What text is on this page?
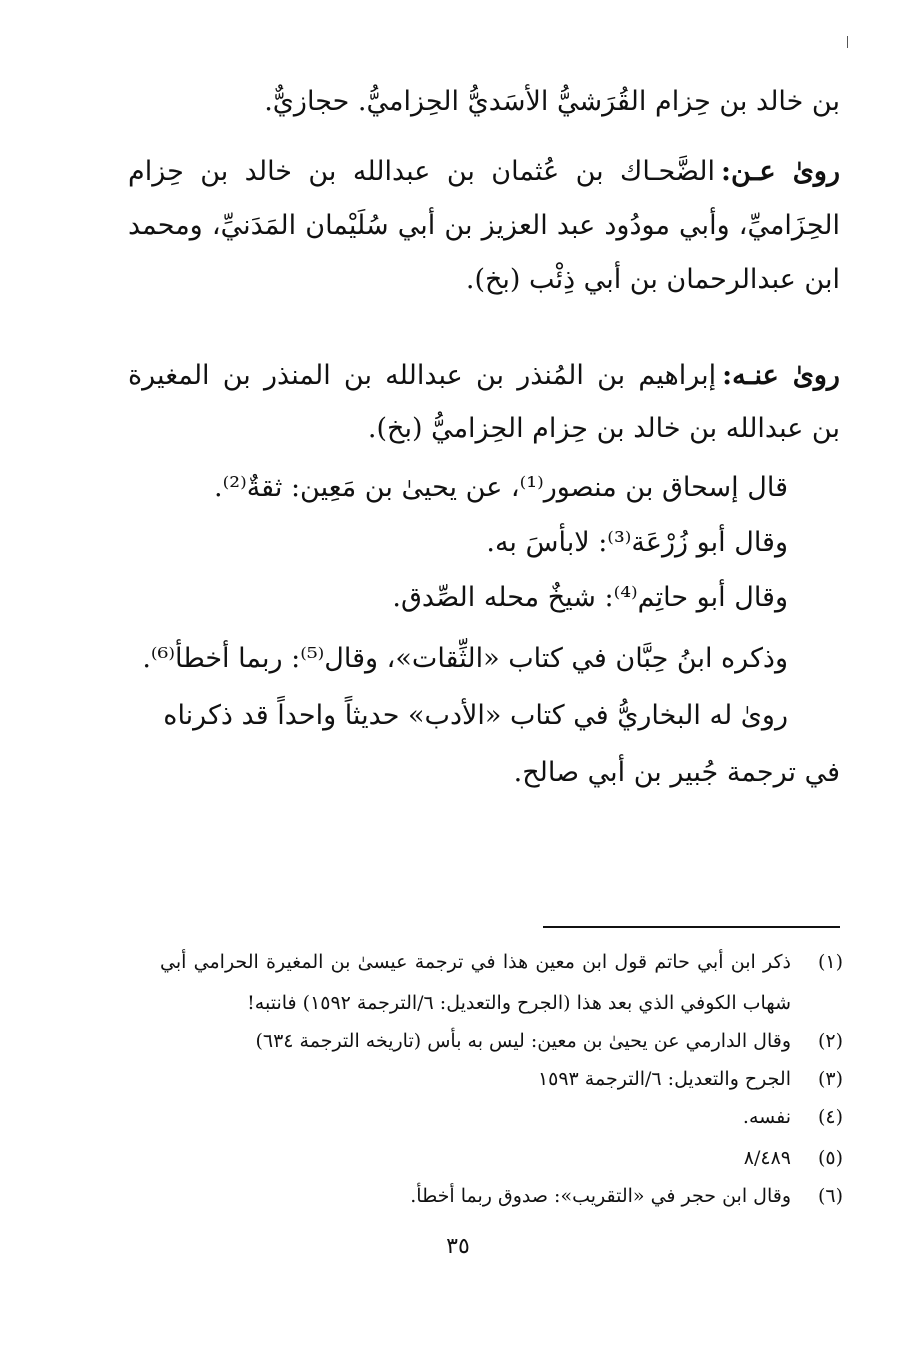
بن خالد بن حِزام القُرَشيُّ الأسَديُّ الحِزاميُّ. حجازيٌّ.
روىٰ عـن:الضَّحـاك بن عُثمان بن عبدالله بن خالد بن حِزام
الحِزَاميِّ، وأبي مودُود عبد العزيز بن أبي سُلَيْمان المَدَنيِّ، ومحمد
ابن عبدالرحمان بن أبي ذِئْب (بخ).
روىٰ عنـه:إبراهيم بن المُنذر بن عبدالله بن المنذر بن المغيرة
بن عبدالله بن خالد بن حِزام الحِزاميُّ (بخ).
قال إسحاق بن منصور⁽¹⁾، عن يحيىٰ بن مَعِين: ثقةٌ⁽²⁾.
وقال أبو زُرْعَة⁽³⁾: لابأسَ به.
وقال أبو حاتِم⁽⁴⁾: شيخٌ محله الصِّدق.
وذكره ابنُ حِبَّان في كتاب «الثِّقات»، وقال⁽⁵⁾: ربما أخطأ⁽⁶⁾.
روىٰ له البخاريُّ في كتاب «الأدب» حديثاً واحداً قد ذكرناه
في ترجمة جُبير بن أبي صالح.
(١)
ذكر ابن أبي حاتم قول ابن معين هذا في ترجمة عيسىٰ بن المغيرة الحرامي أبي
شهاب الكوفي الذي بعد هذا (الجرح والتعديل: ٦/الترجمة ١٥٩٢) فانتبه!
(٢)
وقال الدارمي عن يحيىٰ بن معين: ليس به بأس (تاريخه الترجمة ٦٣٤)
(٣)
الجرح والتعديل: ٦/الترجمة ١٥٩٣
(٤)
نفسه.
(٥)
٨/٤٨٩
(٦)
وقال ابن حجر في «التقريب»: صدوق ربما أخطأ.
٣٥
